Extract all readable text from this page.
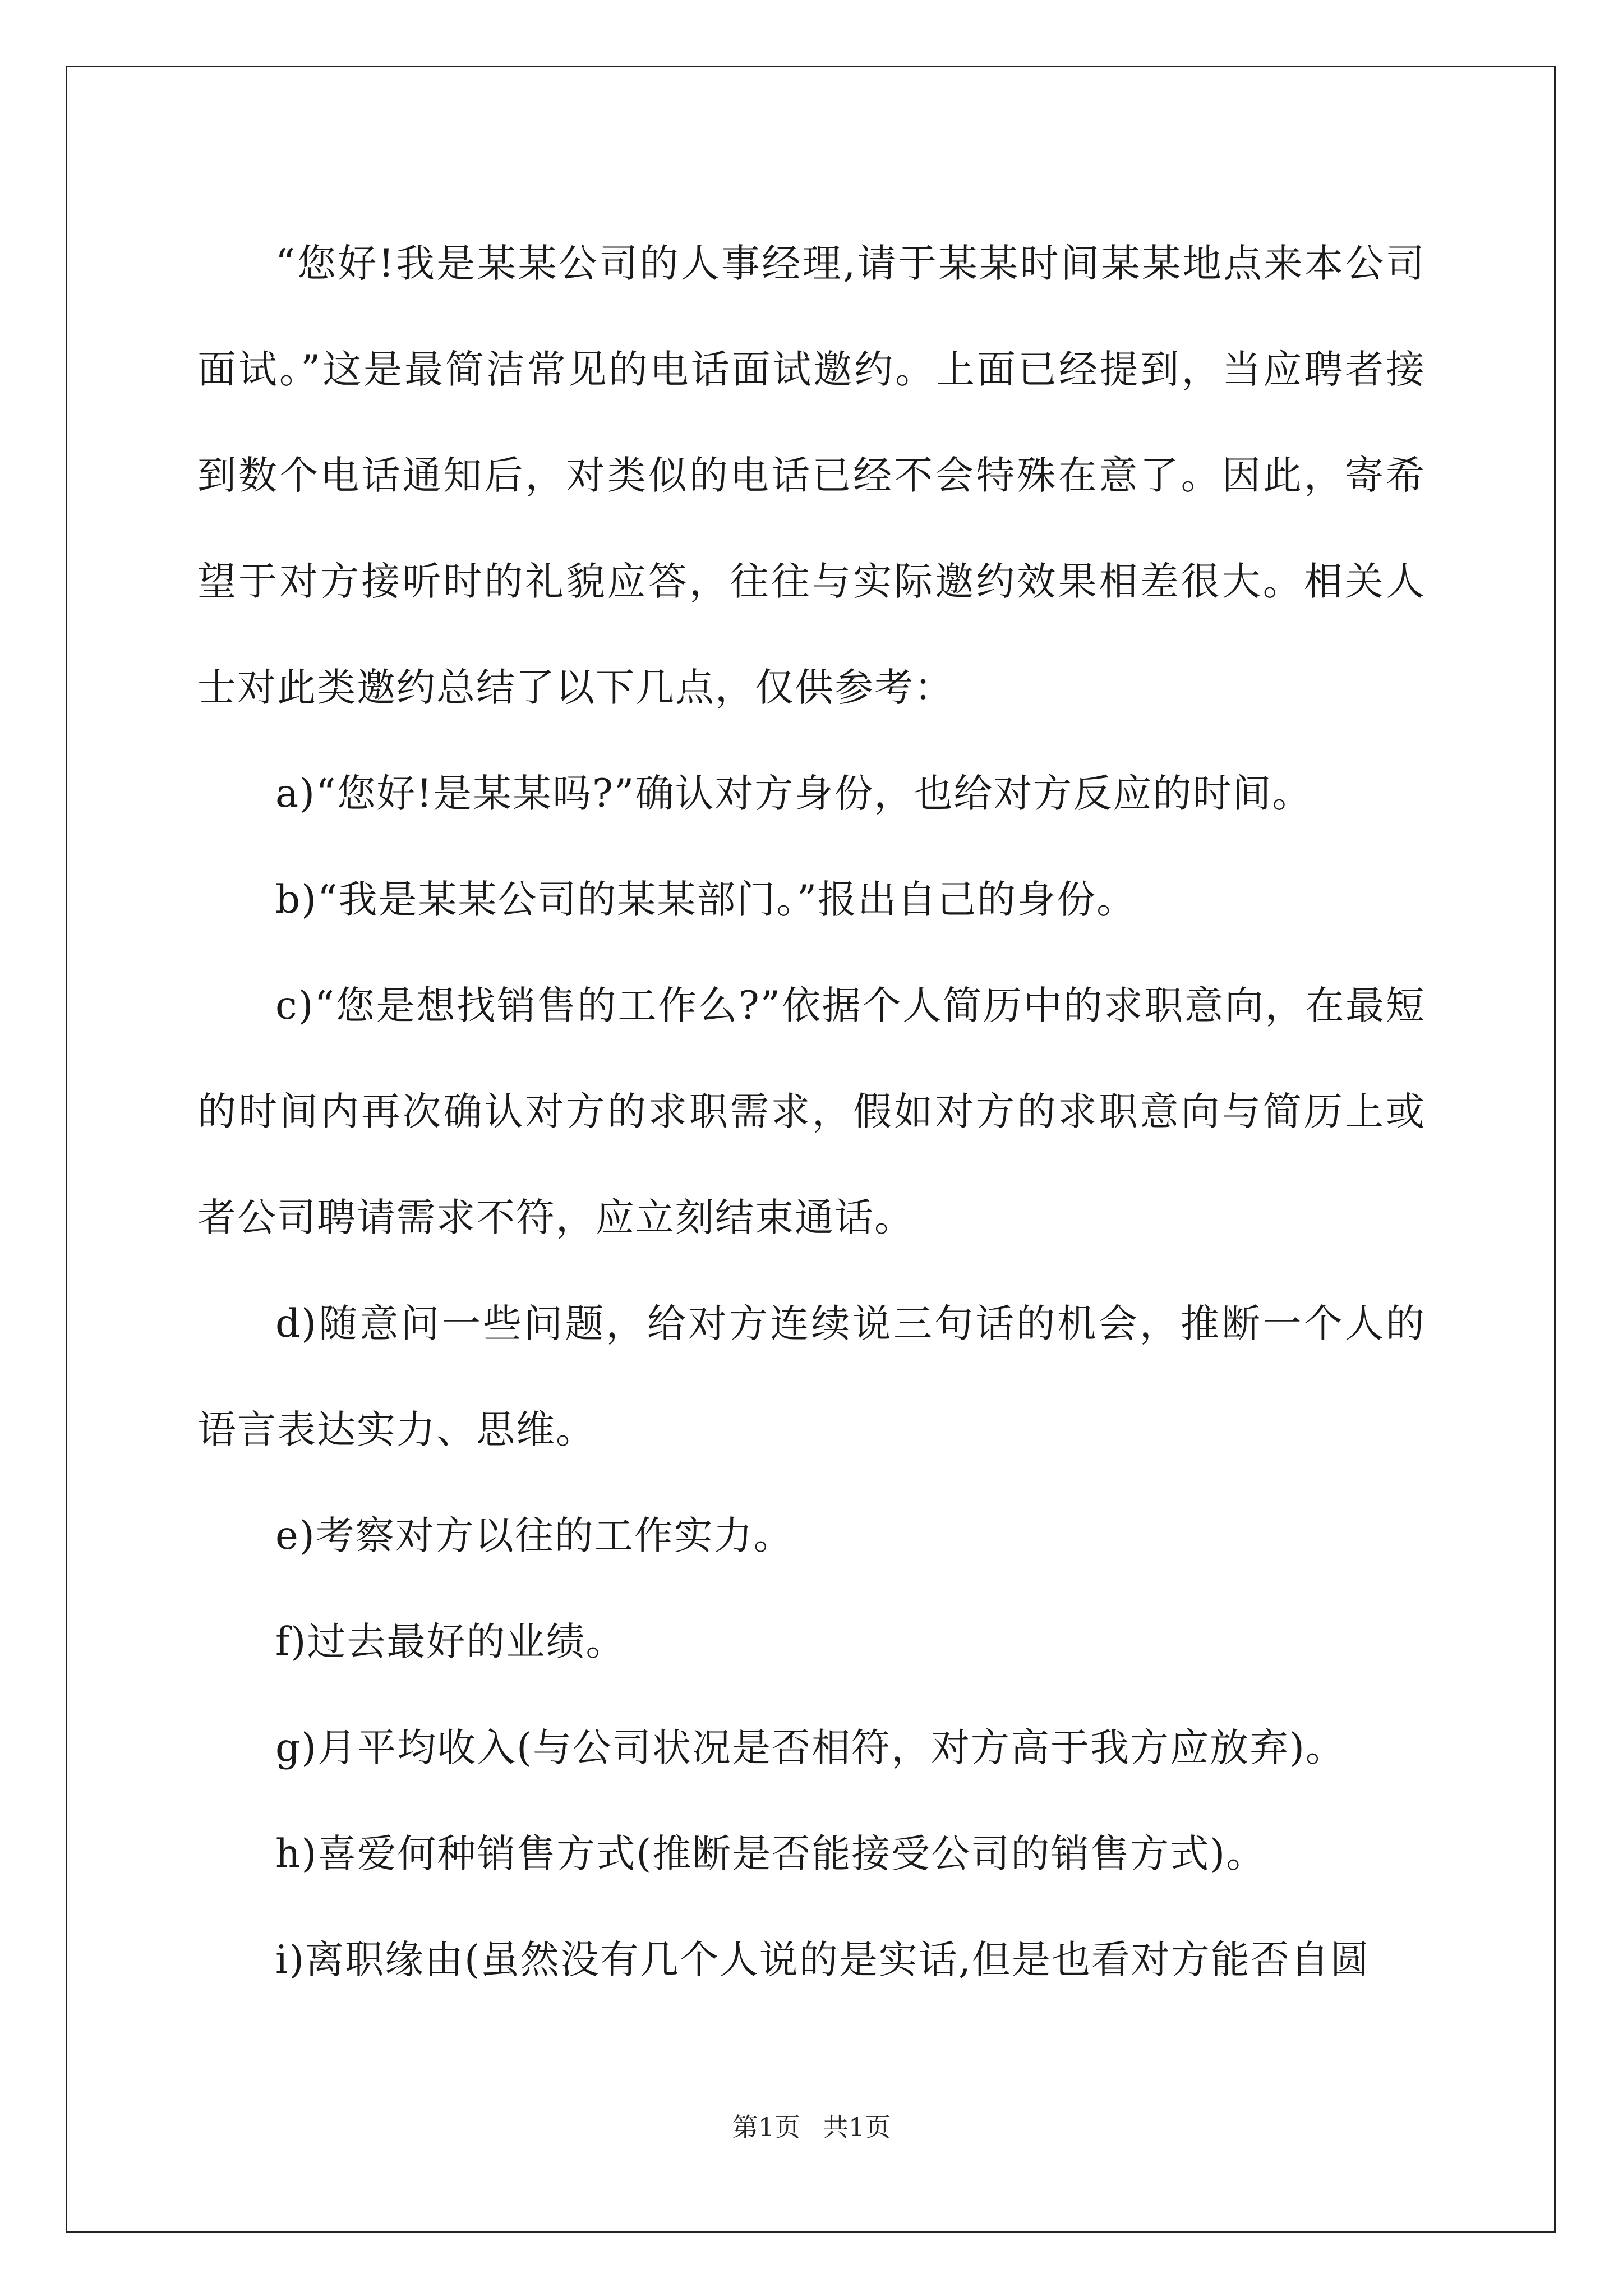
“您好!我是某某公司的人事经理,请于某某时间某某地点来本公司面试。”这是最简洁常见的电话面试邀约。上面已经提到，当应聘者接到数个电话通知后，对类似的电话已经不会特殊在意了。因此，寄希望于对方接听时的礼貌应答，往往与实际邀约效果相差很大。相关人士对此类邀约总结了以下几点，仅供参考：

a)“您好!是某某吗?”确认对方身份，也给对方反应的时间。

b)“我是某某公司的某某部门。”报出自己的身份。

c)“您是想找销售的工作么?”依据个人简历中的求职意向，在最短的时间内再次确认对方的求职需求，假如对方的求职意向与简历上或者公司聘请需求不符，应立刻结束通话。

d)随意问一些问题，给对方连续说三句话的机会，推断一个人的语言表达实力、思维。

e)考察对方以往的工作实力。

f)过去最好的业绩。

g)月平均收入(与公司状况是否相符，对方高于我方应放弃)。

h)喜爱何种销售方式(推断是否能接受公司的销售方式)。

i)离职缘由(虽然没有几个人说的是实话,但是也看对方能否自圆

第1页 共1页
